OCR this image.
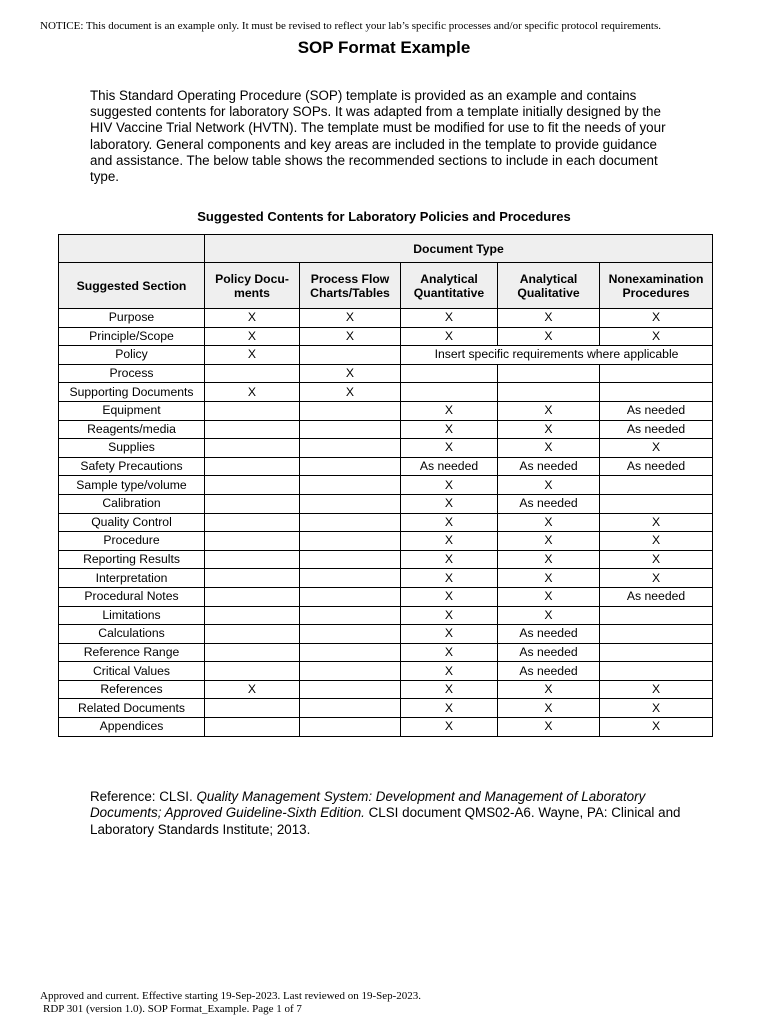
NOTICE: This document is an example only. It must be revised to reflect your lab’s specific processes and/or specific protocol requirements.
SOP Format Example
This Standard Operating Procedure (SOP) template is provided as an example and contains suggested contents for laboratory SOPs. It was adapted from a template initially designed by the HIV Vaccine Trial Network (HVTN). The template must be modified for use to fit the needs of your laboratory. General components and key areas are included in the template to provide guidance and assistance. The below table shows the recommended sections to include in each document type.
Suggested Contents for Laboratory Policies and Procedures
	Document Type				
Suggested Section	Policy Docu-ments	Process Flow Charts/Tables	Analytical Quantitative	Analytical Qualitative	Nonexamination Procedures
Purpose	X	X	X	X	X
Principle/Scope	X	X	X	X	X
Policy	X		Insert specific requirements where applicable		
Process		X			
Supporting Documents	X	X			
Equipment			X	X	As needed
Reagents/media			X	X	As needed
Supplies			X	X	X
Safety Precautions			As needed	As needed	As needed
Sample type/volume			X	X	
Calibration			X	As needed	
Quality Control			X	X	X
Procedure			X	X	X
Reporting Results			X	X	X
Interpretation			X	X	X
Procedural Notes			X	X	As needed
Limitations			X	X	
Calculations			X	As needed	
Reference Range			X	As needed	
Critical Values			X	As needed	
References	X		X	X	X
Related Documents			X	X	X
Appendices			X	X	X
Reference: CLSI. Quality Management System: Development and Management of Laboratory Documents; Approved Guideline-Sixth Edition. CLSI document QMS02-A6. Wayne, PA: Clinical and Laboratory Standards Institute; 2013.
Approved and current. Effective starting 19-Sep-2023. Last reviewed on 19-Sep-2023.
RDP 301 (version 1.0). SOP Format_Example. Page 1 of 7
